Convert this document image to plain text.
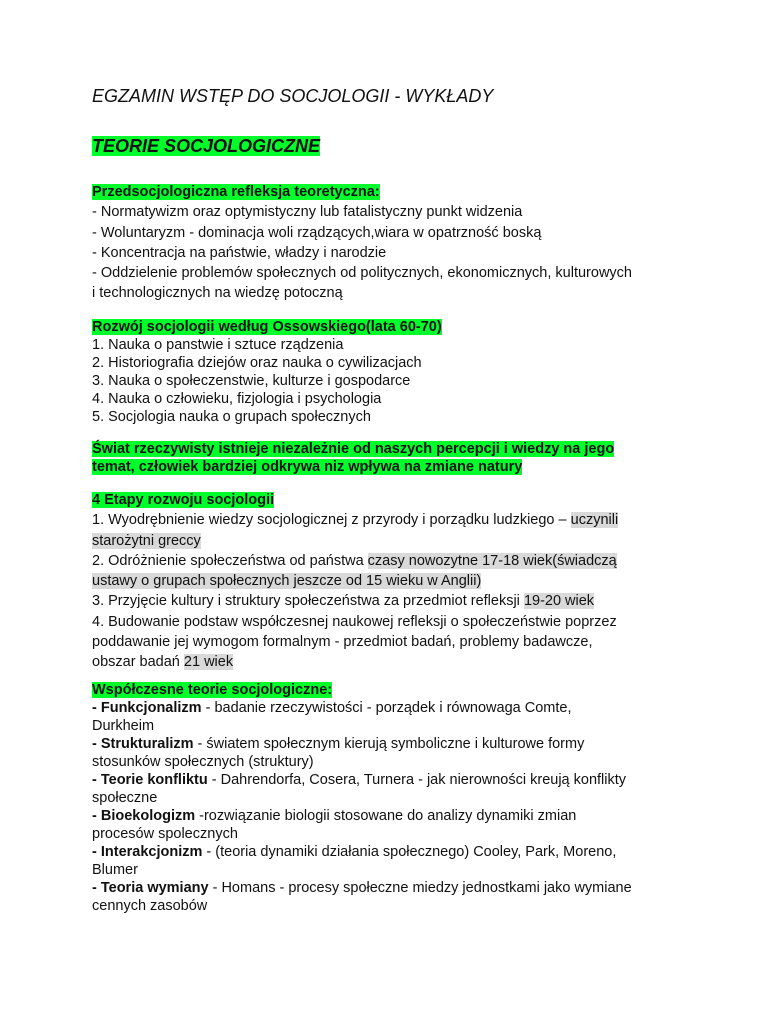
EGZAMIN WSTĘP DO SOCJOLOGII - WYKŁADY
TEORIE SOCJOLOGICZNE
Przedsocjologiczna refleksja teoretyczna:
- Normatywizm oraz optymistyczny lub fatalistyczny punkt widzenia
- Woluntaryzm - dominacja woli rządzących,wiara w opatrzność boską
- Koncentracja na państwie, władzy i narodzie
- Oddzielenie problemów społecznych od politycznych, ekonomicznych, kulturowych
i technologicznych na wiedzę potoczną
Rozwój socjologii według Ossowskiego(lata 60-70)
1. Nauka o panstwie i sztuce rządzenia
2. Historiografia dziejów oraz nauka o cywilizacjach
3. Nauka o społeczenstwie, kulturze i gospodarce
4. Nauka o człowieku, fizjologia i psychologia
5. Socjologia nauka o grupach społecznych
Świat rzeczywisty istnieje niezależnie od naszych percepcji i wiedzy na jego
temat, człowiek bardziej odkrywa niz wpływa na zmiane natury
4 Etapy rozwoju socjologii
1. Wyodrębnienie wiedzy socjologicznej z przyrody i porządku ludzkiego – uczynili
starożytni greccy
2. Odróżnienie społeczeństwa od państwa czasy nowozytne 17-18 wiek(świadczą
ustawy o grupach społecznych jeszcze od 15 wieku w Anglii)
3. Przyjęcie kultury i struktury społeczeństwa za przedmiot refleksji 19-20 wiek
4. Budowanie podstaw współczesnej naukowej refleksji o społeczeństwie poprzez
poddawanie jej wymogom formalnym - przedmiot badań, problemy badawcze,
obszar badań 21 wiek
Współczesne teorie socjologiczne:
- Funkcjonalizm - badanie rzeczywistości - porządek i równowaga Comte,
Durkheim
- Strukturalizm - światem społecznym kierują symboliczne i kulturowe formy
stosunków społecznych (struktury)
- Teorie konfliktu - Dahrendorfa, Cosera, Turnera - jak nierowności kreują konflikty
społeczne
- Bioekologizm -rozwiązanie biologii stosowane do analizy dynamiki zmian
procesów spolecznych
- Interakcjonizm - (teoria dynamiki działania społecznego) Cooley, Park, Moreno,
Blumer
- Teoria wymiany - Homans - procesy społeczne miedzy jednostkami jako wymiane
cennych zasobów
